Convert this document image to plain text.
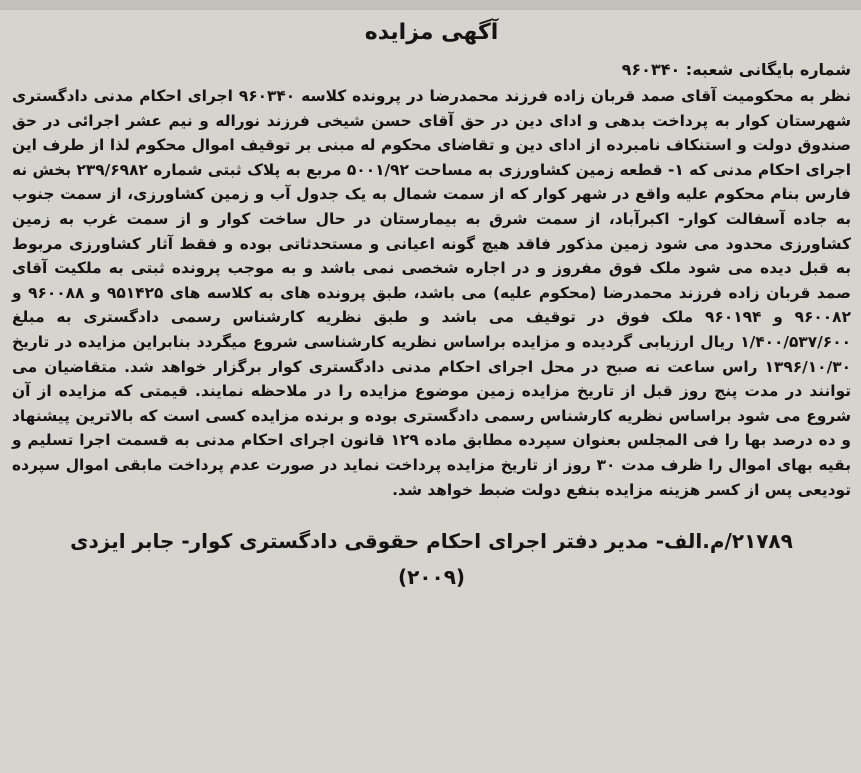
آگهی مزایده
شماره بایگانی شعبه: ۹۶۰۳۴۰
نظر به محکومیت آقای صمد قربان زاده فرزند محمدرضا در پرونده کلاسه ۹۶۰۳۴۰ اجرای احکام مدنی دادگستری شهرستان کوار به پرداخت بدهی و ادای دین در حق آقای حسن شیخی فرزند نوراله و نیم عشر اجرائی در حق صندوق دولت و استنکاف نامبرده از ادای دین و تقاضای محکوم له مبنی بر توقیف اموال محکوم لذا از طرف این اجرای احکام مدنی که ۱- قطعه زمین کشاورزی به مساحت ۵۰۰۱/۹۲ مربع به پلاک ثبتی شماره ۲۳۹/۶۹۸۲ بخش نه فارس بنام محکوم علیه واقع در شهر کوار که از سمت شمال به یک جدول آب و زمین کشاورزی، از سمت جنوب به جاده آسفالت کوار- اکبرآباد، از سمت شرق به بیمارستان در حال ساخت کوار و از سمت غرب به زمین کشاورزی محدود می شود زمین مذکور فاقد هیچ گونه اعیانی و مستحدثاتی بوده و فقط آثار کشاورزی مربوط به قبل دیده می شود ملک فوق مفروز و در اجاره شخصی نمی باشد و به موجب پرونده ثبتی به ملکیت آقای صمد قربان زاده فرزند محمدرضا (محکوم علیه) می باشد، طبق پرونده های به کلاسه های ۹۵۱۴۲۵ و ۹۶۰۰۸۸ و ۹۶۰۰۸۲ و ۹۶۰۱۹۴ ملک فوق در توقیف می باشد و طبق نظریه کارشناس رسمی دادگستری به مبلغ ۱/۴۰۰/۵۳۷/۶۰۰ ریال ارزیابی گردیده و مزایده براساس نظریه کارشناسی شروع میگردد بنابراین مزایده در تاریخ ۱۳۹۶/۱۰/۳۰ راس ساعت نه صبح در محل اجرای احکام مدنی دادگستری کوار برگزار خواهد شد. متقاضیان می توانند در مدت پنج روز قبل از تاریخ مزایده زمین موضوع مزایده را در ملاحظه نمایند. قیمتی که مزایده از آن شروع می شود براساس نظریه کارشناس رسمی دادگستری بوده و برنده مزایده کسی است که بالاترین پیشنهاد و ده درصد بها را فی المجلس بعنوان سپرده مطابق ماده ۱۲۹ قانون اجرای احکام مدنی به قسمت اجرا تسلیم و بقیه بهای اموال را ظرف مدت ۳۰ روز از تاریخ مزایده پرداخت نماید در صورت عدم پرداخت مابقی اموال سپرده تودیعی پس از کسر هزینه مزایده بنفع دولت ضبط خواهد شد.
۲۱۷۸۹/م.الف- مدیر دفتر اجرای احکام حقوقی دادگستری کوار- جابر ایزدی
(۲۰۰۹)
